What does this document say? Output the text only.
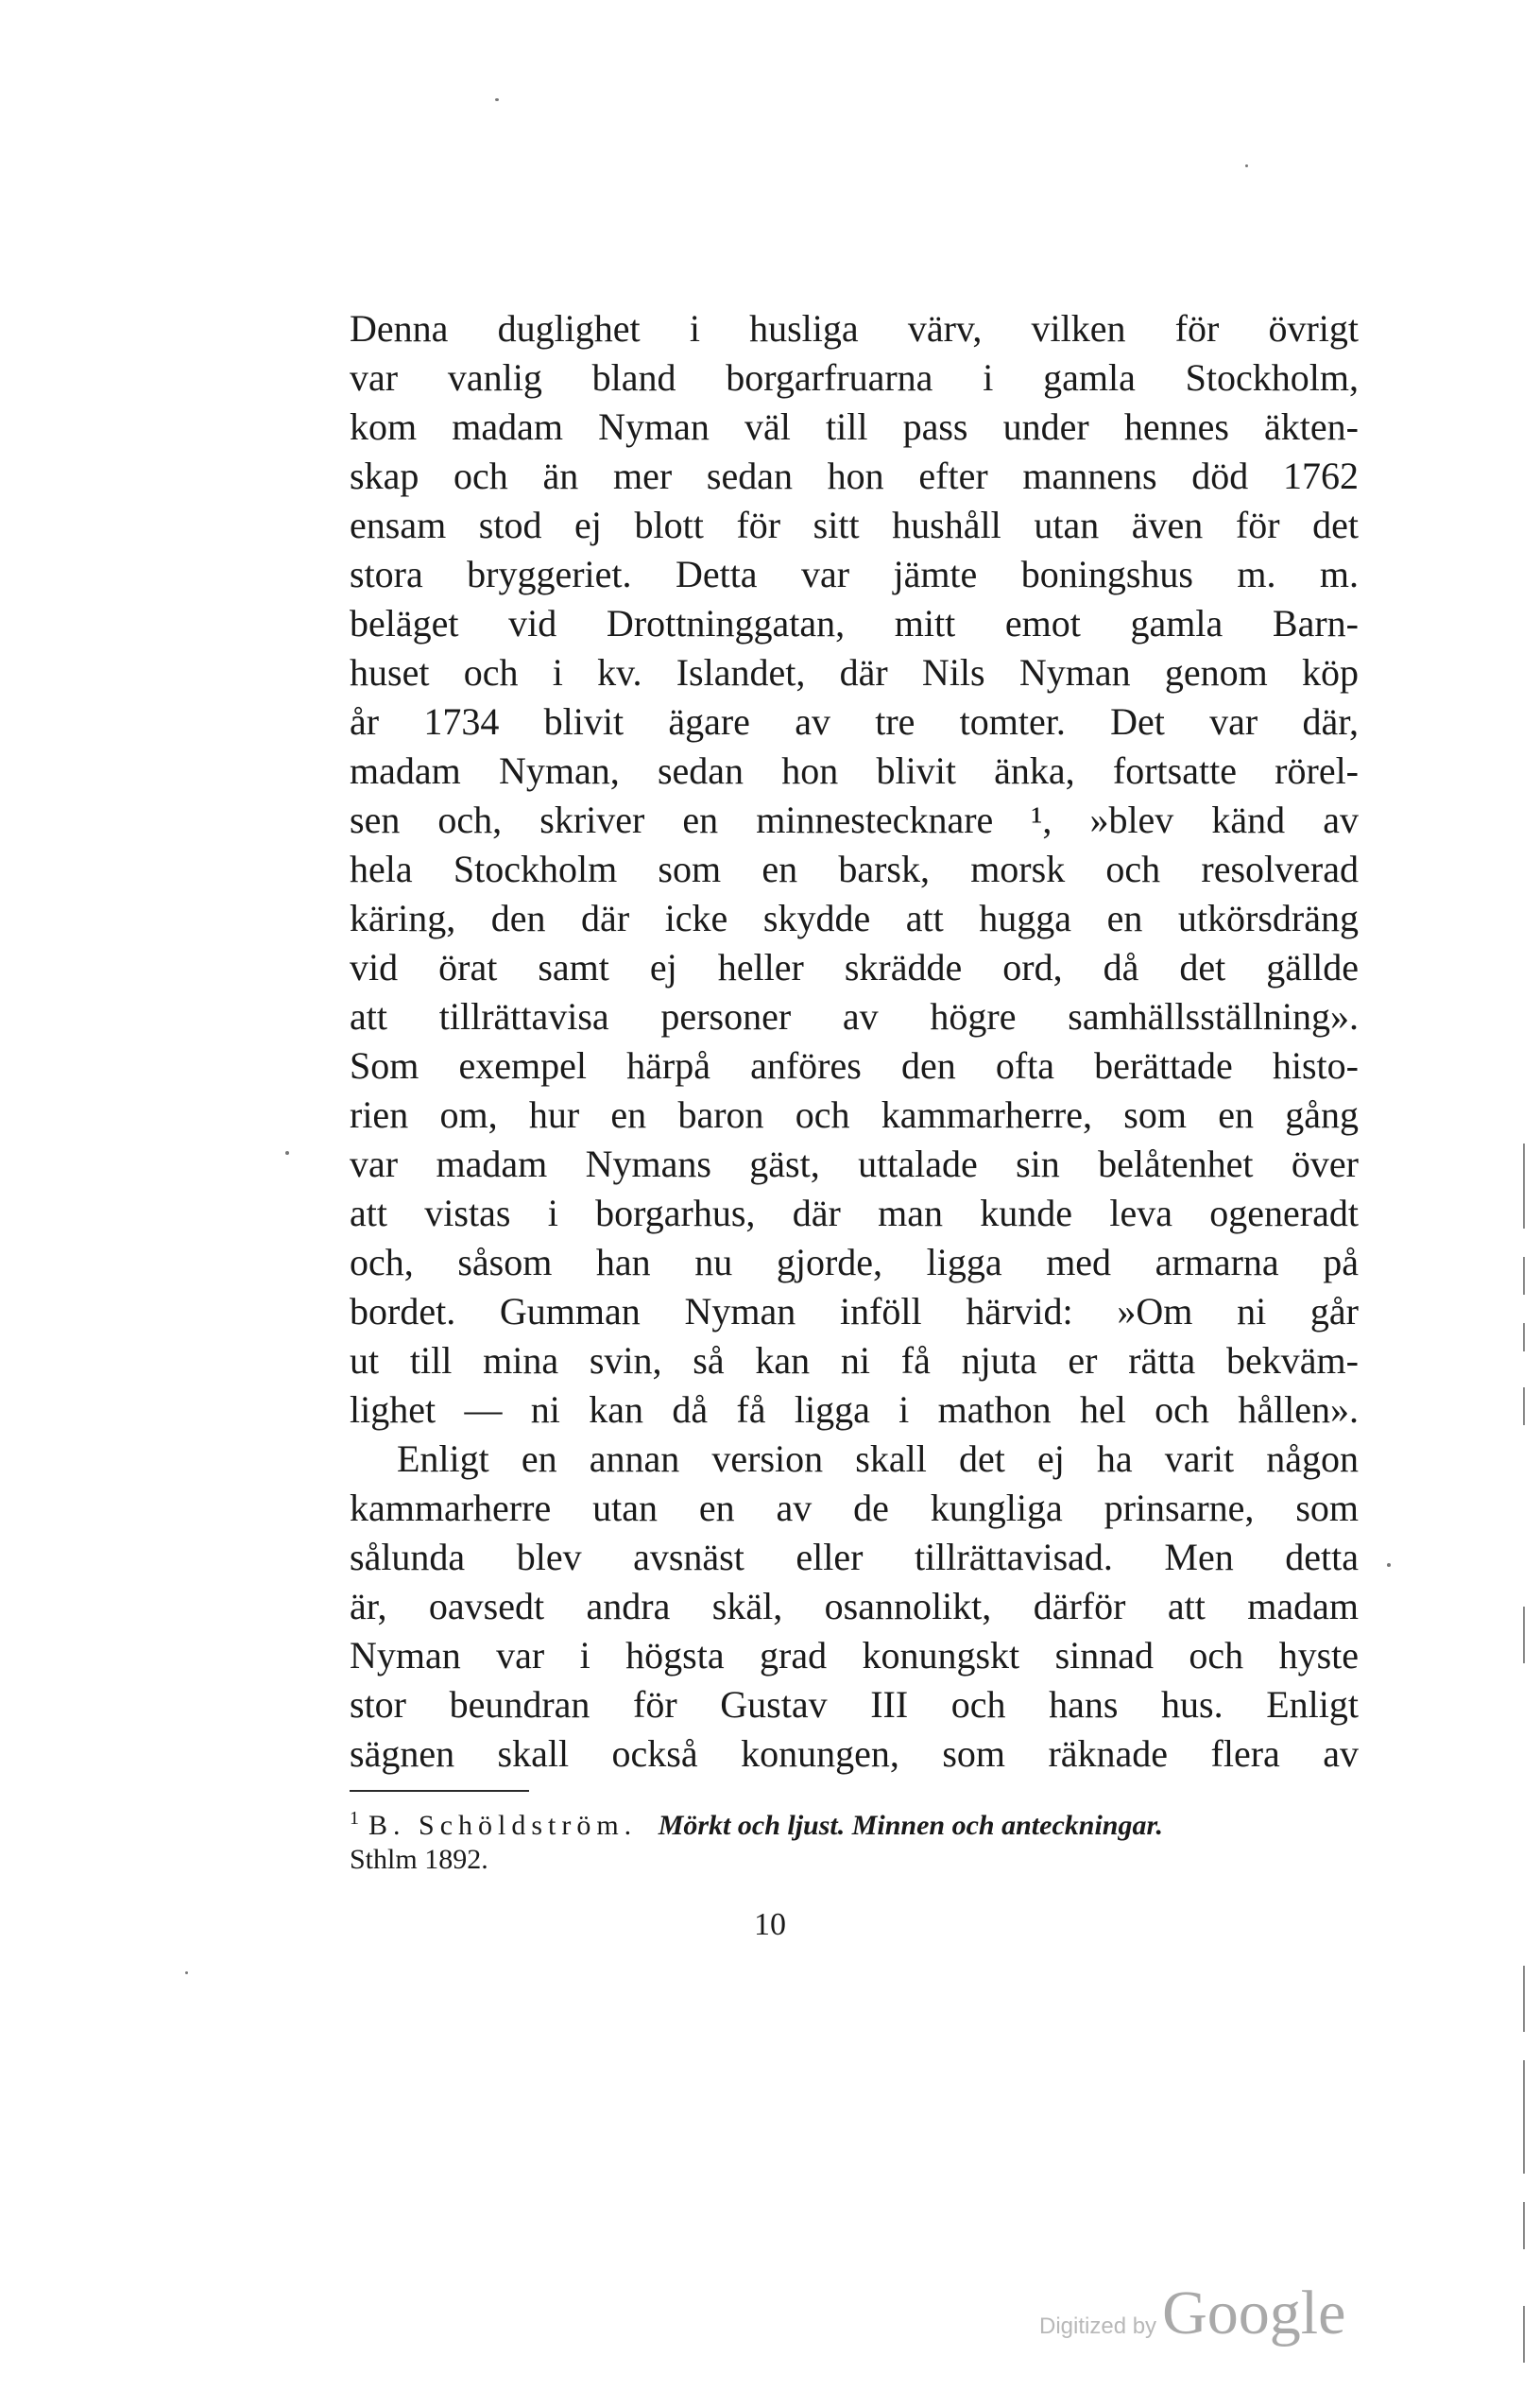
Denna duglighet i husliga värv, vilken för övrigt
var vanlig bland borgarfruarna i gamla Stockholm,
kom madam Nyman väl till pass under hennes äkten-
skap och än mer sedan hon efter mannens död 1762
ensam stod ej blott för sitt hushåll utan även för det
stora bryggeriet. Detta var jämte boningshus m. m.
beläget vid Drottninggatan, mitt emot gamla Barn-
huset och i kv. Islandet, där Nils Nyman genom köp
år 1734 blivit ägare av tre tomter. Det var där,
madam Nyman, sedan hon blivit änka, fortsatte rörel-
sen och, skriver en minnestecknare ¹, »blev känd av
hela Stockholm som en barsk, morsk och resolverad
käring, den där icke skydde att hugga en utkörsdräng
vid örat samt ej heller skrädde ord, då det gällde
att tillrättavisa personer av högre samhällsställning».
Som exempel härpå anföres den ofta berättade histo-
rien om, hur en baron och kammarherre, som en gång
var madam Nymans gäst, uttalade sin belåtenhet över
att vistas i borgarhus, där man kunde leva ogeneradt
och, såsom han nu gjorde, ligga med armarna på
bordet. Gumman Nyman inföll härvid: »Om ni går
ut till mina svin, så kan ni få njuta er rätta bekväm-
lighet — ni kan då få ligga i mathon hel och hållen».
Enligt en annan version skall det ej ha varit någon
kammarherre utan en av de kungliga prinsarne, som
sålunda blev avsnäst eller tillrättavisad. Men detta
är, oavsedt andra skäl, osannolikt, därför att madam
Nyman var i högsta grad konungskt sinnad och hyste
stor beundran för Gustav III och hans hus. Enligt
sägnen skall också konungen, som räknade flera av
$^1$ B. Schöldström. Mörkt och ljust. Minnen och anteckningar.
Sthlm 1892.
10
Digitized byGoogle
